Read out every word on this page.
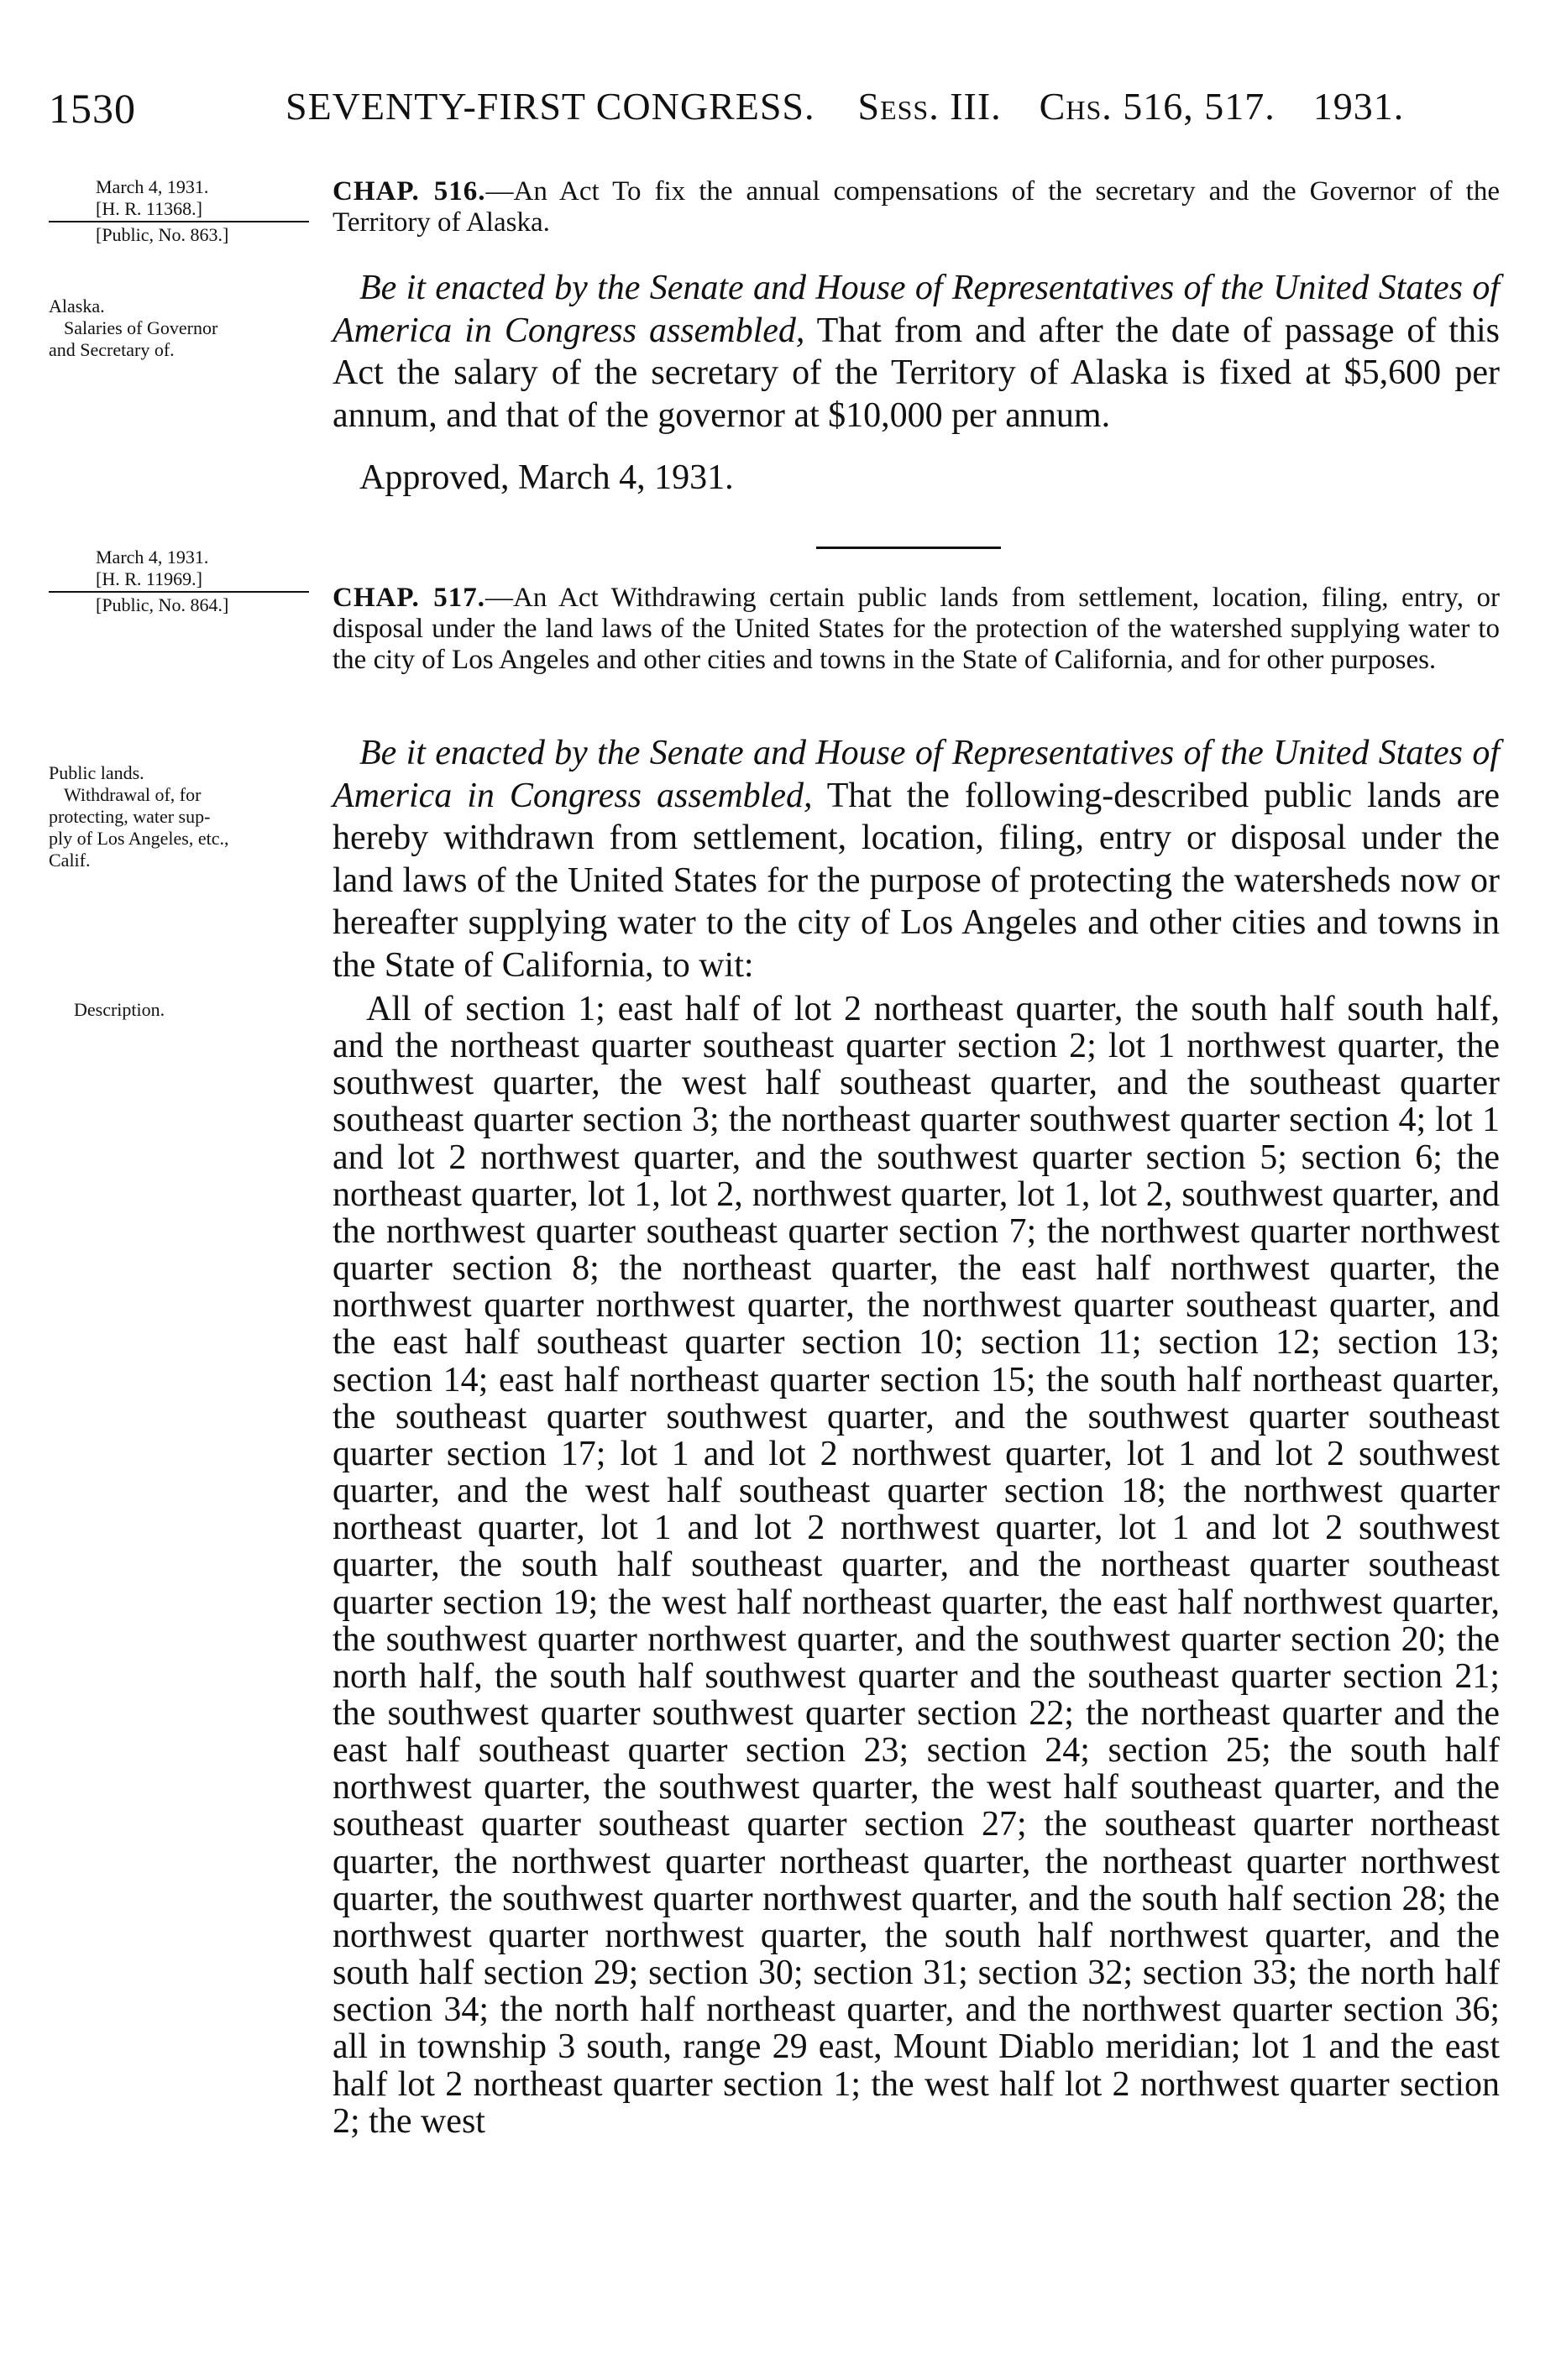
1530	SEVENTY-FIRST CONGRESS. Sess. III. Chs. 516, 517. 1931.
March 4, 1931.
[H. R. 11368.]
[Public, No. 863.]
Alaska.
Salaries of Governor
and Secretary of.
CHAP. 516.—An Act To fix the annual compensations of the secretary and the Governor of the Territory of Alaska.
Be it enacted by the Senate and House of Representatives of the United States of America in Congress assembled, That from and after the date of passage of this Act the salary of the secretary of the Territory of Alaska is fixed at $5,600 per annum, and that of the governor at $10,000 per annum.
Approved, March 4, 1931.
March 4, 1931.
[H. R. 11969.]
[Public, No. 864.]
Public lands.
Withdrawal of, for
protecting, water sup-
ply of Los Angeles, etc.,
Calif.
Description.
CHAP. 517.—An Act Withdrawing certain public lands from settlement, location, filing, entry, or disposal under the land laws of the United States for the protection of the watershed supplying water to the city of Los Angeles and other cities and towns in the State of California, and for other purposes.
Be it enacted by the Senate and House of Representatives of the United States of America in Congress assembled, That the following-described public lands are hereby withdrawn from settlement, location, filing, entry or disposal under the land laws of the United States for the purpose of protecting the watersheds now or hereafter supplying water to the city of Los Angeles and other cities and towns in the State of California, to wit:
All of section 1; east half of lot 2 northeast quarter, the south half south half, and the northeast quarter southeast quarter section 2; lot 1 northwest quarter, the southwest quarter, the west half southeast quarter, and the southeast quarter southeast quarter section 3; the northeast quarter southwest quarter section 4; lot 1 and lot 2 northwest quarter, and the southwest quarter section 5; section 6; the northeast quarter, lot 1, lot 2, northwest quarter, lot 1, lot 2, southwest quarter, and the northwest quarter southeast quarter section 7; the northwest quarter northwest quarter section 8; the northeast quarter, the east half northwest quarter, the northwest quarter northwest quarter, the northwest quarter southeast quarter, and the east half southeast quarter section 10; section 11; section 12; section 13; section 14; east half northeast quarter section 15; the south half northeast quarter, the southeast quarter southwest quarter, and the southwest quarter southeast quarter section 17; lot 1 and lot 2 northwest quarter, lot 1 and lot 2 southwest quarter, and the west half southeast quarter section 18; the northwest quarter northeast quarter, lot 1 and lot 2 northwest quarter, lot 1 and lot 2 southwest quarter, the south half southeast quarter, and the northeast quarter southeast quarter section 19; the west half northeast quarter, the east half northwest quarter, the southwest quarter northwest quarter, and the southwest quarter section 20; the north half, the south half southwest quarter and the southeast quarter section 21; the southwest quarter southwest quarter section 22; the northeast quarter and the east half southeast quarter section 23; section 24; section 25; the south half northwest quarter, the southwest quarter, the west half southeast quarter, and the southeast quarter southeast quarter section 27; the southeast quarter northeast quarter, the northwest quarter northeast quarter, the northeast quarter northwest quarter, the southwest quarter northwest quarter, and the south half section 28; the northwest quarter northwest quarter, the south half northwest quarter, and the south half section 29; section 30; section 31; section 32; section 33; the north half section 34; the north half northeast quarter, and the northwest quarter section 36; all in township 3 south, range 29 east, Mount Diablo meridian; lot 1 and the east half lot 2 northeast quarter section 1; the west half lot 2 northwest quarter section 2; the west
